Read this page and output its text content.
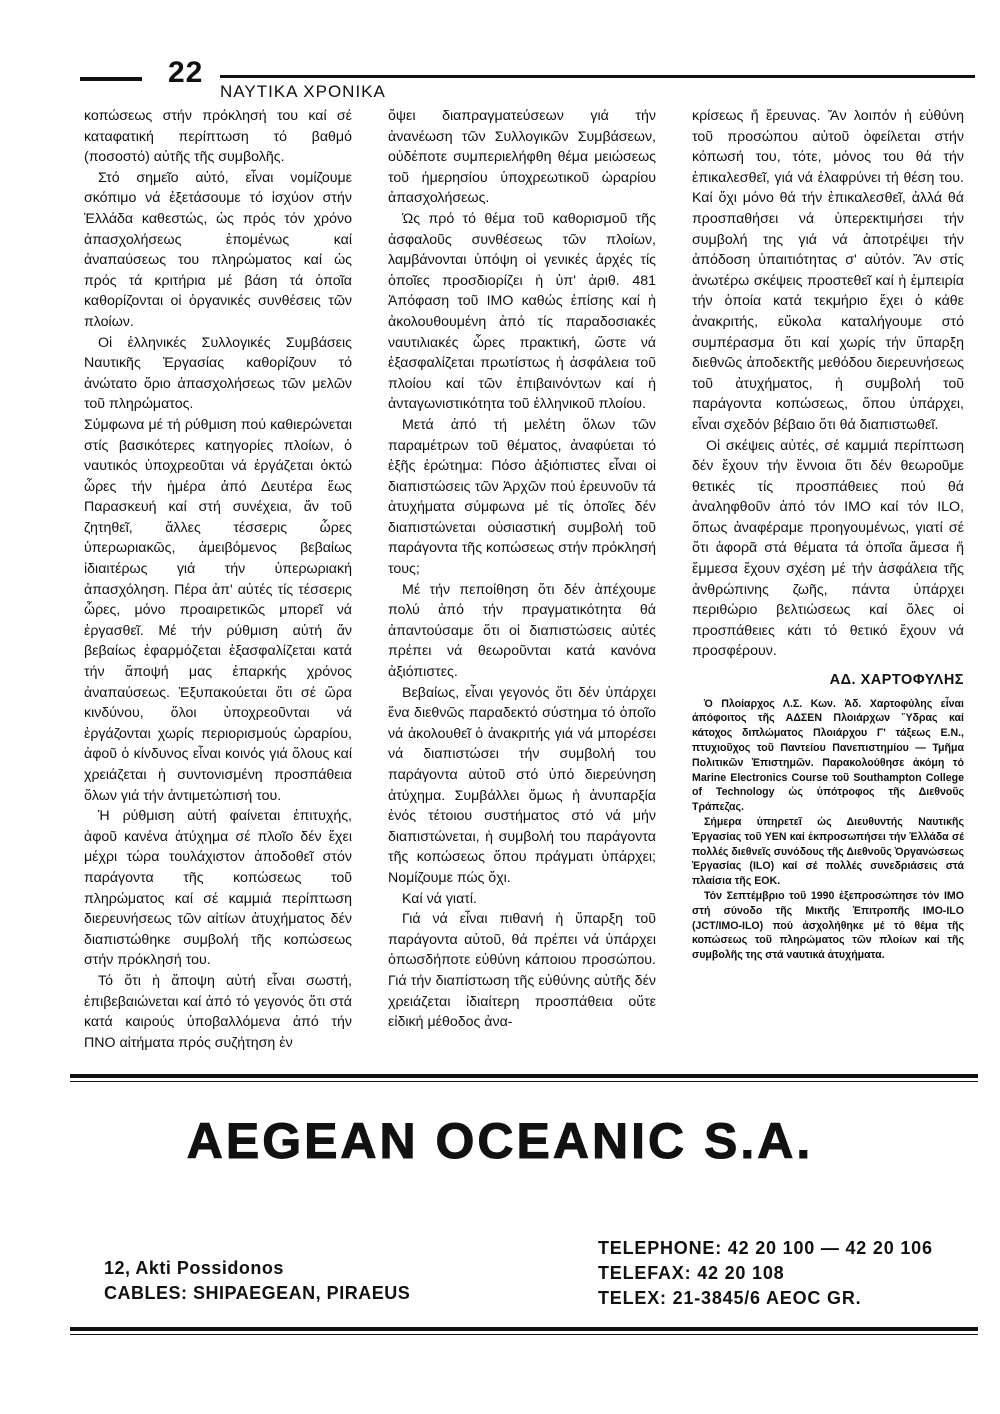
22
ΝΑΥΤΙΚΑ ΧΡΟΝΙΚΑ

κοπώσεως στήν πρόκλησή του καί σέ καταφατική περίπτωση τό βαθμό (ποσοστό) αὐτῆς τῆς συμβολῆς.

Στό σημεῖο αὐτό, εἶναι νομίζουμε σκόπιμο νά ἐξετάσουμε τό ἰσχύον στήν Ἑλλάδα καθεστώς, ὡς πρός τόν χρόνο ἀπασχολήσεως ἑπομένως καί ἀναπαύσεως του πληρώματος καί ὡς πρός τά κριτήρια μέ βάση τά ὁποῖα καθορίζονται οἱ ὀργανικές συνθέσεις τῶν πλοίων.

Οἱ ἑλληνικές Συλλογικές Συμβάσεις Ναυτικῆς Ἐργασίας καθορίζουν τό ἀνώτατο ὅριο ἀπασχολήσεως τῶν μελῶν τοῦ πληρώματος.

Σύμφωνα μέ τή ρύθμιση πού καθιερώνεται στίς βασικότερες κατηγορίες πλοίων, ὁ ναυτικός ὑποχρεοῦται νά ἐργάζεται ὀκτώ ὧρες τήν ἡμέρα ἀπό Δευτέρα ἕως Παρασκευή καί στή συνέχεια, ἄν τοῦ ζητηθεῖ, ἄλλες τέσσερις ὧρες ὑπερωριακῶς, ἀμειβόμενος βεβαίως ἰδιαιτέρως γιά τήν ὑπερωριακή ἀπασχόληση. Πέρα ἀπ' αὐτές τίς τέσσερις ὧρες, μόνο προαιρετικῶς μπορεῖ νά ἐργασθεῖ. Μέ τήν ρύθμιση αὐτή ἄν βεβαίως ἐφαρμόζεται ἐξασφαλίζεται κατά τήν ἄποψή μας ἐπαρκής χρόνος ἀναπαύσεως. Ἐξυπακούεται ὅτι σέ ὥρα κινδύνου, ὅλοι ὑποχρεοῦνται νά ἐργάζονται χωρίς περιορισμούς ὡραρίου, ἀφοῦ ὁ κίνδυνος εἶναι κοινός γιά ὅλους καί χρειάζεται ἡ συντονισμένη προσπάθεια ὅλων γιά τήν ἀντιμετώπισή του.

Ἡ ρύθμιση αὐτή φαίνεται ἐπιτυχής, ἀφοῦ κανένα ἀτύχημα σέ πλοῖο δέν ἔχει μέχρι τώρα τουλάχιστον ἀποδοθεῖ στόν παράγοντα τῆς κοπώσεως τοῦ πληρώματος καί σέ καμμιά περίπτωση διερευνήσεως τῶν αἰτίων ἀτυχήματος δέν διαπιστώθηκε συμβολή τῆς κοπώσεως στήν πρόκλησή του.

Τό ὅτι ἡ ἄποψη αὐτή εἶναι σωστή, ἐπιβεβαιώνεται καί ἀπό τό γεγονός ὅτι στά κατά καιρούς ὑποβαλλόμενα ἀπό τήν ΠΝΟ αἰτήματα πρός συζήτηση ἐν

ὄψει διαπραγματεύσεων γιά τήν ἀνανέωση τῶν Συλλογικῶν Συμβάσεων, οὐδέποτε συμπεριελήφθη θέμα μειώσεως τοῦ ἡμερησίου ὑποχρεωτικοῦ ὡραρίου ἀπασχολήσεως.

Ὡς πρό τό θέμα τοῦ καθορισμοῦ τῆς ἀσφαλοῦς συνθέσεως τῶν πλοίων, λαμβάνονται ὑπόψη οἱ γενικές ἀρχές τίς ὁποῖες προσδιορίζει ἡ ὑπ' ἀριθ. 481 Ἀπόφαση τοῦ ΙΜΟ καθώς ἐπίσης καί ἡ ἀκολουθουμένη ἀπό τίς παραδοσιακές ναυτιλιακές ὧρες πρακτική, ὥστε νά ἐξασφαλίζεται πρωτίστως ἡ ἀσφάλεια τοῦ πλοίου καί τῶν ἐπιβαινόντων καί ἡ ἀνταγωνιστικότητα τοῦ ἑλληνικοῦ πλοίου.

Μετά ἀπό τή μελέτη ὅλων τῶν παραμέτρων τοῦ θέματος, ἀναφύεται τό ἑξῆς ἐρώτημα: Πόσο ἀξιόπιστες εἶναι οἱ διαπιστώσεις τῶν Ἀρχῶν πού ἐρευνοῦν τά ἀτυχήματα σύμφωνα μέ τίς ὁποῖες δέν διαπιστώνεται οὐσιαστική συμβολή τοῦ παράγοντα τῆς κοπώσεως στήν πρόκλησή τους;

Μέ τήν πεποίθηση ὅτι δέν ἀπέχουμε πολύ ἀπό τήν πραγματικότητα θά ἀπαντούσαμε ὅτι οἱ διαπιστώσεις αὐτές πρέπει νά θεωροῦνται κατά κανόνα ἀξιόπιστες.

Βεβαίως, εἶναι γεγονός ὅτι δέν ὑπάρχει ἕνα διεθνῶς παραδεκτό σύστημα τό ὁποῖο νά ἀκολουθεῖ ὁ ἀνακριτής γιά νά μπορέσει νά διαπιστώσει τήν συμβολή του παράγοντα αὐτοῦ στό ὑπό διερεύνηση ἀτύχημα. Συμβάλλει ὅμως ἡ ἀνυπαρξία ἑνός τέτοιου συστήματος στό νά μήν διαπιστώνεται, ἡ συμβολή του παράγοντα τῆς κοπώσεως ὅπου πράγματι ὑπάρχει; Νομίζουμε πώς ὄχι.

Καί νά γιατί.

Γιά νά εἶναι πιθανή ἡ ὕπαρξη τοῦ παράγοντα αὐτοῦ, θά πρέπει νά ὑπάρχει ὁπωσδήποτε εὐθύνη κάποιου προσώπου. Γιά τήν διαπίστωση τῆς εὐθύνης αὐτῆς δέν χρειάζεται ἰδιαίτερη προσπάθεια οὔτε εἰδική μέθοδος ἀνα-

κρίσεως ἤ ἔρευνας. Ἄν λοιπόν ἡ εὐθύνη τοῦ προσώπου αὐτοῦ ὀφείλεται στήν κόπωσή του, τότε, μόνος του θά τήν ἐπικαλεσθεῖ, γιά νά ἐλαφρύνει τή θέση του. Καί ὄχι μόνο θά τήν ἐπικαλεσθεῖ, ἀλλά θά προσπαθήσει νά ὑπερεκτιμήσει τήν συμβολή της γιά νά ἀποτρέψει τήν ἀπόδοση ὑπαιτιότητας σ' αὐτόν. Ἄν στίς ἀνωτέρω σκέψεις προστεθεῖ καί ἡ ἐμπειρία τήν ὁποία κατά τεκμήριο ἔχει ὁ κάθε ἀνακριτής, εὔκολα καταλήγουμε στό συμπέρασμα ὅτι καί χωρίς τήν ὕπαρξη διεθνῶς ἀποδεκτῆς μεθόδου διερευνήσεως τοῦ ἀτυχήματος, ἡ συμβολή τοῦ παράγοντα κοπώσεως, ὅπου ὑπάρχει, εἶναι σχεδόν βέβαιο ὅτι θά διαπιστωθεῖ.

Οἱ σκέψεις αὐτές, σέ καμμιά περίπτωση δέν ἔχουν τήν ἔννοια ὅτι δέν θεωροῦμε θετικές τίς προσπάθειες πού θά ἀναληφθοῦν ἀπό τόν ΙΜΟ καί τόν ILO, ὅπως ἀναφέραμε προηγουμένως, γιατί σέ ὅτι ἀφορᾶ στά θέματα τά ὁποῖα ἄμεσα ἤ ἔμμεσα ἔχουν σχέση μέ τήν ἀσφάλεια τῆς ἀνθρώπινης ζωῆς, πάντα ὑπάρχει περιθώριο βελτιώσεως καί ὅλες οἱ προσπάθειες κάτι τό θετικό ἔχουν νά προσφέρουν.

ΑΔ. ΧΑΡΤΟΦΥΛΗΣ

Ὁ Πλοίαρχος Λ.Σ. Κων. Ἀδ. Χαρτοφύλης εἶναι ἀπόφοιτος τῆς ΑΔΣΕΝ Πλοιάρχων Ὕδρας καί κάτοχος διπλώματος Πλοιάρχου Γ' τάξεως Ε.Ν., πτυχιοῦχος τοῦ Παντείου Πανεπιστημίου — Τμῆμα Πολιτικῶν Ἐπιστημῶν. Παρακολούθησε ἀκόμη τό Marine Electronics Course τοῦ Southampton College of Technology ὡς ὑπότροφος τῆς Διεθνοῦς Τράπεζας.

Σήμερα ὑπηρετεῖ ὡς Διευθυντής Ναυτικῆς Ἐργασίας τοῦ ΥΕΝ καί ἐκπροσωπήσει τήν Ἑλλάδα σέ πολλές διεθνεῖς συνόδους τῆς Διεθνοῦς Ὀργανώσεως Ἐργασίας (ILO) καί σέ πολλές συνεδριάσεις στά πλαίσια τῆς ΕΟΚ.

Τόν Σεπτέμβριο τοῦ 1990 ἐξεπροσώπησε τόν ΙΜΟ στή σύνοδο τῆς Μικτῆς Ἐπιτροπῆς ΙΜΟ-ILO (JCT/IMO-ILO) πού ἀσχολήθηκε μέ τό θέμα τῆς κοπώσεως τοῦ πληρώματος τῶν πλοίων καί τῆς συμβολῆς της στά ναυτικά ἀτυχήματα.

AEGEAN OCEANIC S.A.
12, Akti Possidonos
CABLES: SHIPAEGEAN, PIRAEUS
TELEPHONE: 42 20 100 — 42 20 106
TELEFAX: 42 20 108
TELEX: 21-3845/6 AEOC GR.
